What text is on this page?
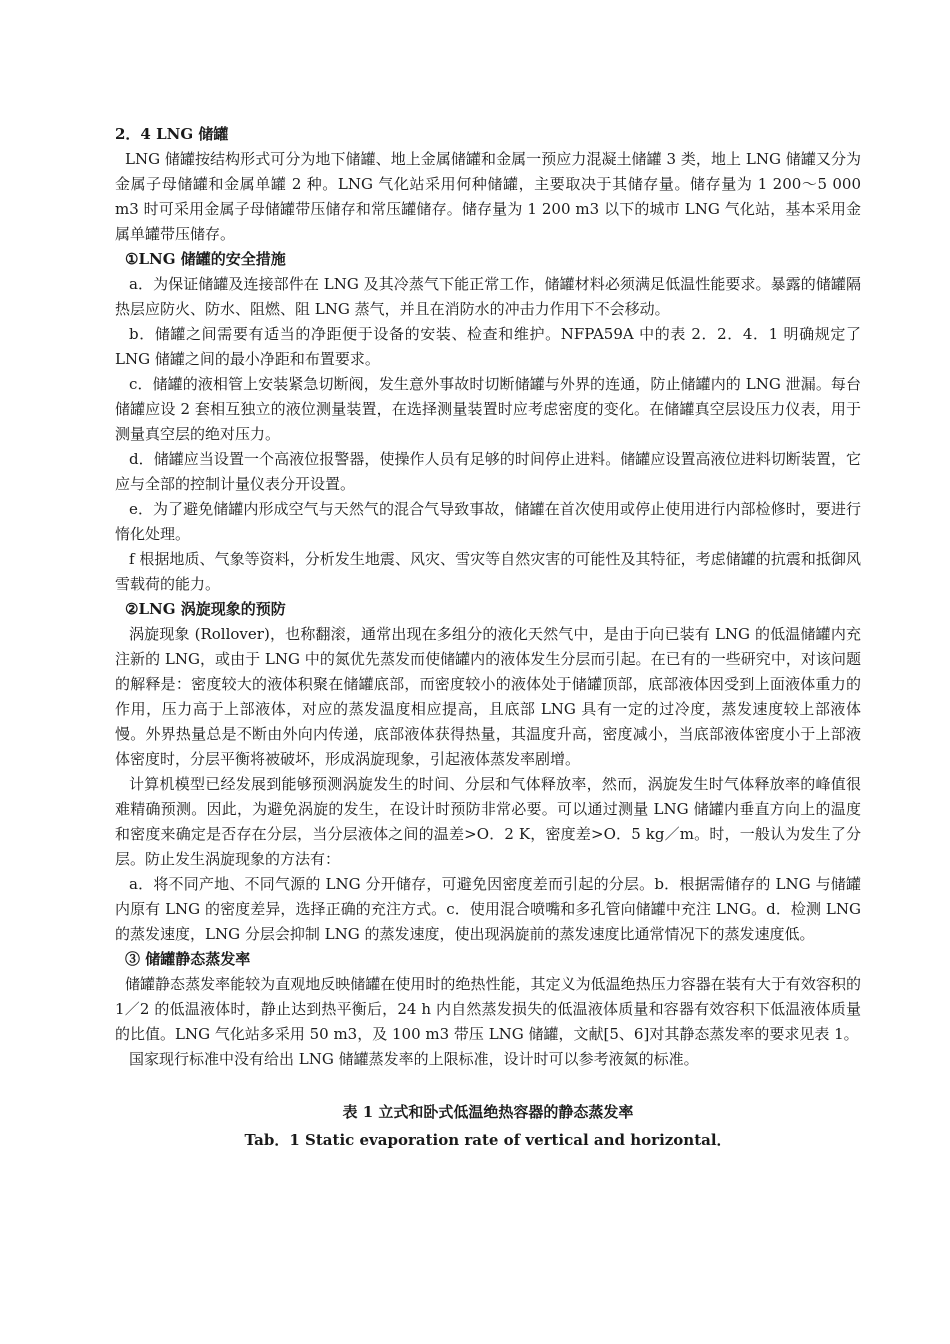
2．4 LNG 储罐

LNG 储罐按结构形式可分为地下储罐、地上金属储罐和金属一预应力混凝土储罐 3 类，地上 LNG 储罐又分为金属子母储罐和金属单罐 2 种。LNG 气化站采用何种储罐，主要取决于其储存量。储存量为 1 200～5 000 m3 时可采用金属子母储罐带压储存和常压罐储存。储存量为 1 200 m3 以下的城市 LNG 气化站，基本采用金属单罐带压储存。

①LNG 储罐的安全措施

a．为保证储罐及连接部件在 LNG 及其冷蒸气下能正常工作，储罐材料必须满足低温性能要求。暴露的储罐隔热层应防火、防水、阻燃、阻 LNG 蒸气，并且在消防水的冲击力作用下不会移动。

b．储罐之间需要有适当的净距便于设备的安装、检查和维护。NFPA59A 中的表 2．2．4．1 明确规定了 LNG 储罐之间的最小净距和布置要求。

c．储罐的液相管上安装紧急切断阀，发生意外事故时切断储罐与外界的连通，防止储罐内的 LNG 泄漏。每台储罐应设 2 套相互独立的液位测量装置，在选择测量装置时应考虑密度的变化。在储罐真空层设压力仪表，用于测量真空层的绝对压力。

d．储罐应当设置一个高液位报警器，使操作人员有足够的时间停止进料。储罐应设置高液位进料切断装置，它应与全部的控制计量仪表分开设置。

e．为了避免储罐内形成空气与天然气的混合气导致事故，储罐在首次使用或停止使用进行内部检修时，要进行惰化处理。

f 根据地质、气象等资料，分析发生地震、风灾、雪灾等自然灾害的可能性及其特征，考虑储罐的抗震和抵御风雪载荷的能力。

②LNG 涡旋现象的预防

涡旋现象 (Rollover)，也称翻滚，通常出现在多组分的液化天然气中，是由于向已装有 LNG 的低温储罐内充注新的 LNG，或由于 LNG 中的氮优先蒸发而使储罐内的液体发生分层而引起。在已有的一些研究中，对该问题的解释是：密度较大的液体积聚在储罐底部，而密度较小的液体处于储罐顶部，底部液体因受到上面液体重力的作用，压力高于上部液体，对应的蒸发温度相应提高，且底部 LNG 具有一定的过冷度，蒸发速度较上部液体慢。外界热量总是不断由外向内传递，底部液体获得热量，其温度升高，密度减小，当底部液体密度小于上部液体密度时，分层平衡将被破坏，形成涡旋现象，引起液体蒸发率剧增。

计算机模型已经发展到能够预测涡旋发生的时间、分层和气体释放率，然而，涡旋发生时气体释放率的峰值很难精确预测。因此，为避免涡旋的发生，在设计时预防非常必要。可以通过测量 LNG 储罐内垂直方向上的温度和密度来确定是否存在分层，当分层液体之间的温差>O．2 K，密度差>O．5 kg／m。时，一般认为发生了分层。防止发生涡旋现象的方法有：

a．将不同产地、不同气源的 LNG 分开储存，可避免因密度差而引起的分层。b．根据需储存的 LNG 与储罐内原有 LNG 的密度差异，选择正确的充注方式。c．使用混合喷嘴和多孔管向储罐中充注 LNG。d．检测 LNG 的蒸发速度，LNG 分层会抑制 LNG 的蒸发速度，使出现涡旋前的蒸发速度比通常情况下的蒸发速度低。

③ 储罐静态蒸发率

储罐静态蒸发率能较为直观地反映储罐在使用时的绝热性能，其定义为低温绝热压力容器在装有大于有效容积的 1／2 的低温液体时，静止达到热平衡后，24 h 内自然蒸发损失的低温液体质量和容器有效容积下低温液体质量的比值。LNG 气化站多采用 50 m3，及 100 m3 带压 LNG 储罐，文献[5、6]对其静态蒸发率的要求见表 1。

国家现行标准中没有给出 LNG 储罐蒸发率的上限标准，设计时可以参考液氮的标准。

表 1 立式和卧式低温绝热容器的静态蒸发率

Tab．1 Static evaporation rate of vertical and horizontal．
